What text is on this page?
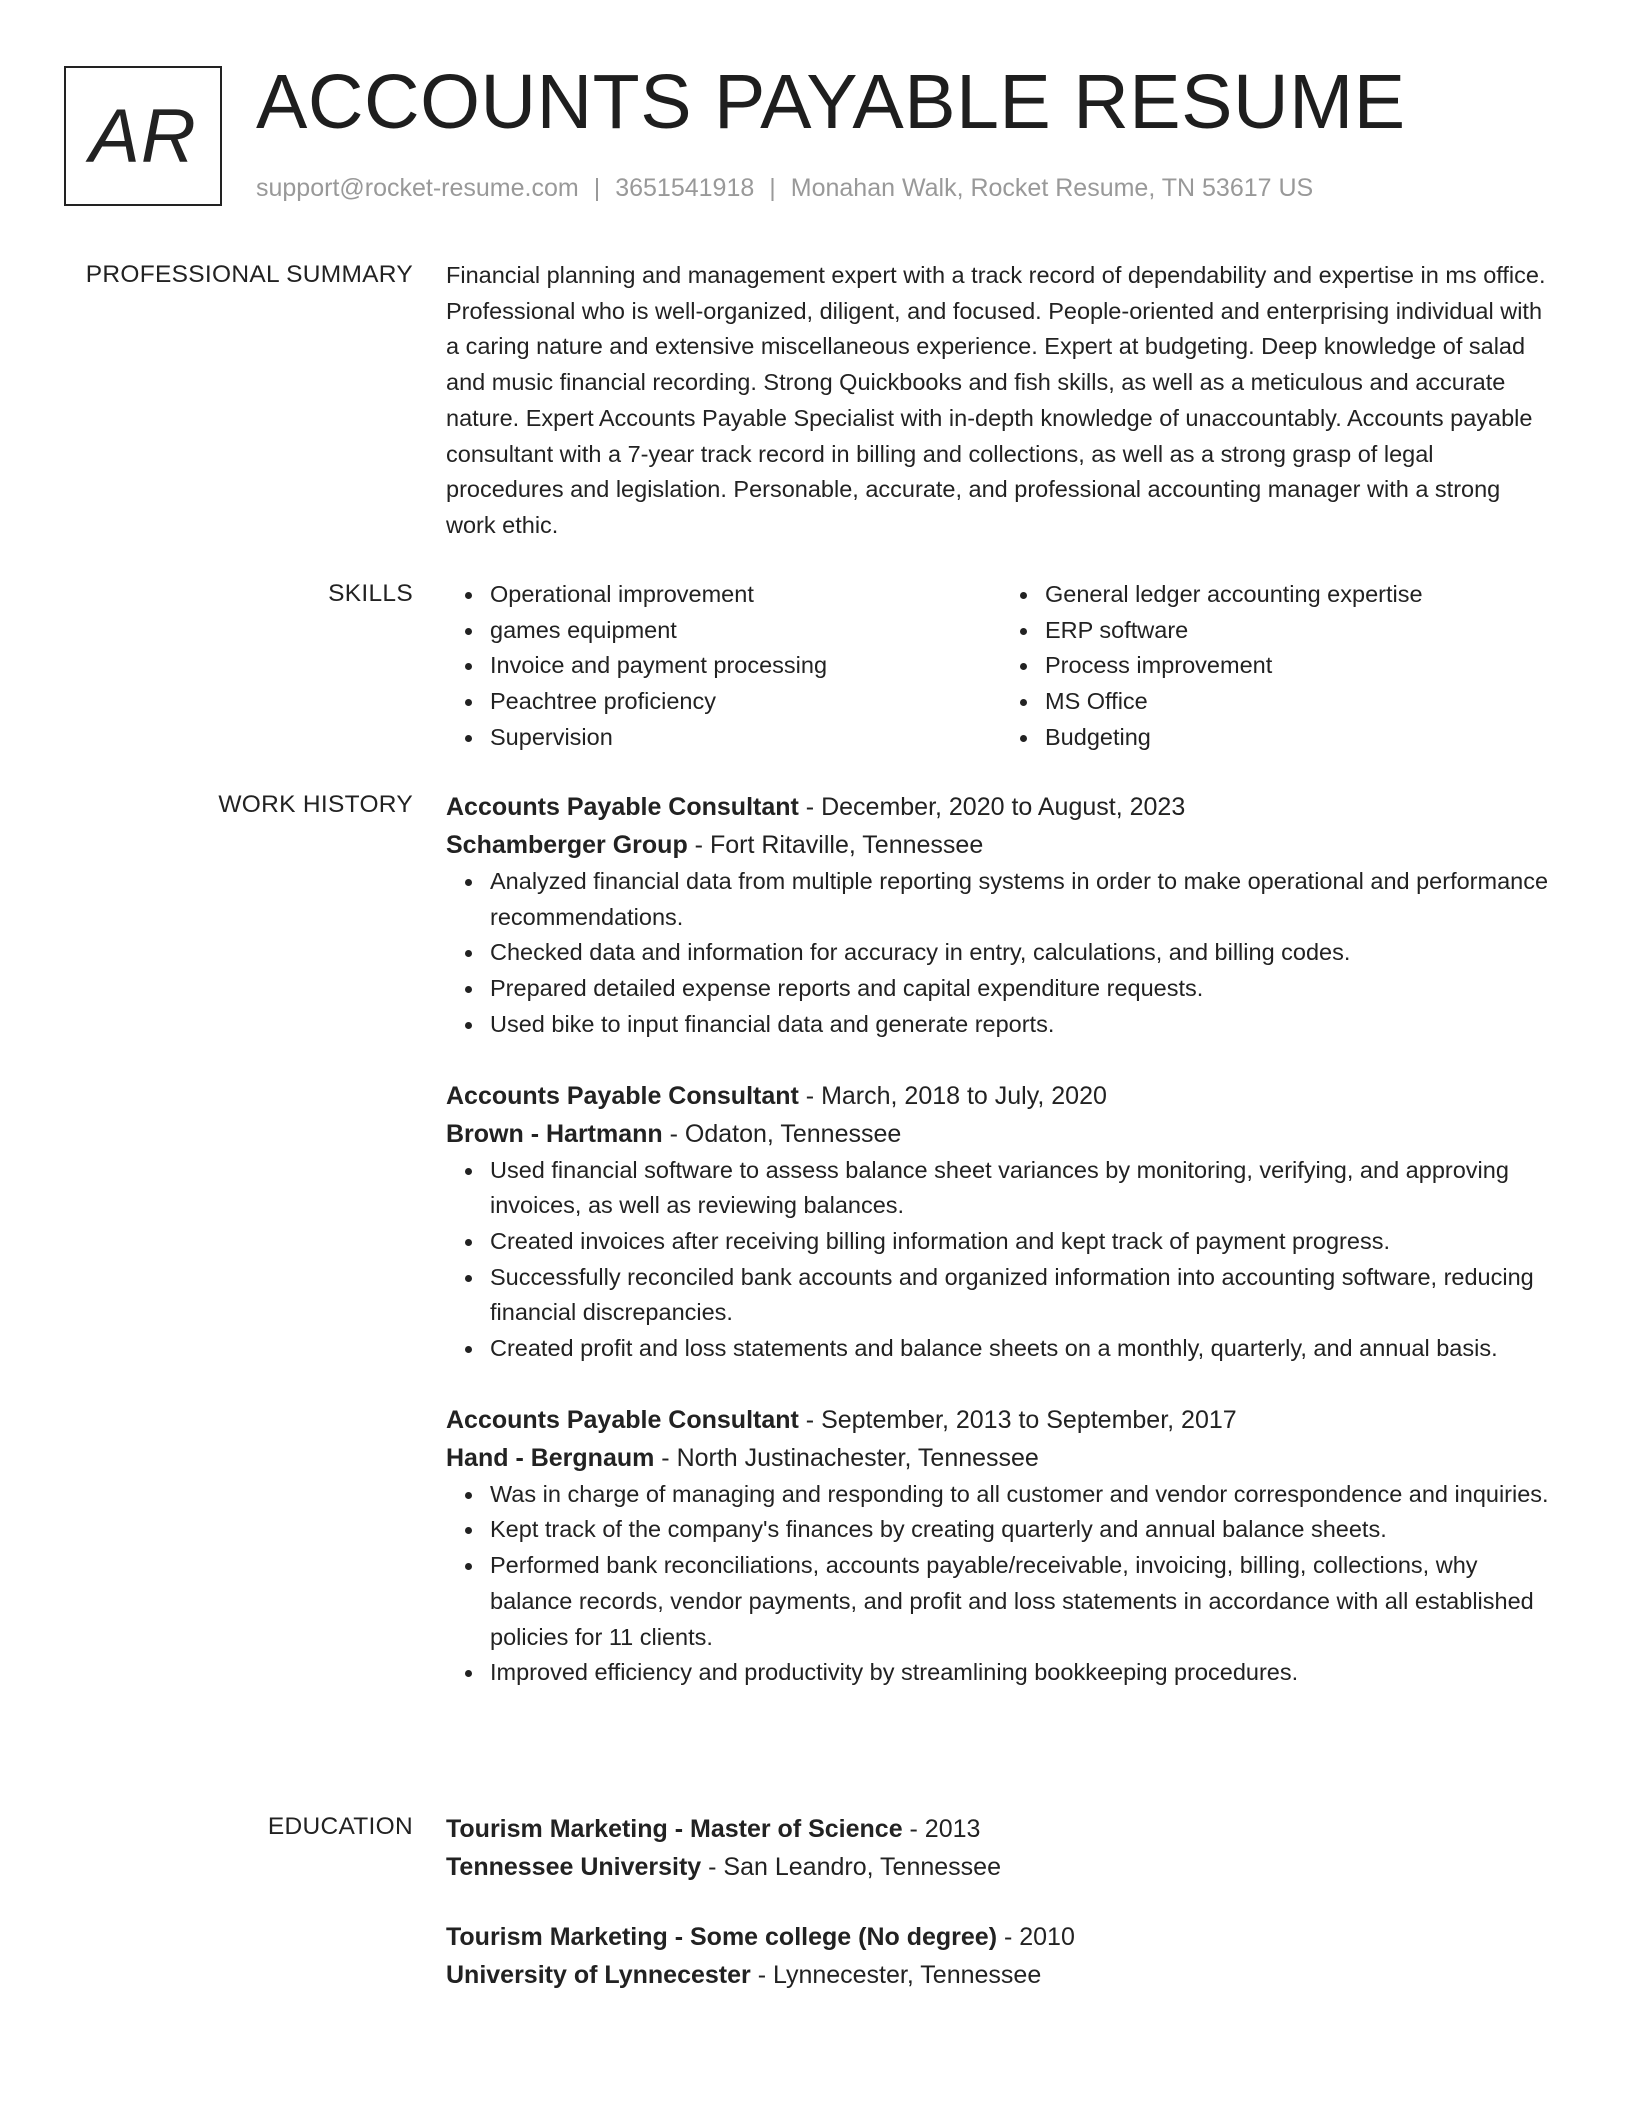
AR ACCOUNTS PAYABLE RESUME
support@rocket-resume.com | 3651541918 | Monahan Walk, Rocket Resume, TN 53617 US
PROFESSIONAL SUMMARY Financial planning and management expert with a track record of dependability and expertise in ms office. Professional who is well-organized, diligent, and focused. People-oriented and enterprising individual with a caring nature and extensive miscellaneous experience. Expert at budgeting. Deep knowledge of salad and music financial recording. Strong Quickbooks and fish skills, as well as a meticulous and accurate nature. Expert Accounts Payable Specialist with in-depth knowledge of unaccountably. Accounts payable consultant with a 7-year track record in billing and collections, as well as a strong grasp of legal procedures and legislation. Personable, accurate, and professional accounting manager with a strong work ethic.

SKILLS	Operational improvement
games equipment
Invoice and payment processing
Peachtree proficiency
Supervision
General ledger accounting expertise
ERP software
Process improvement
MS Office
Budgeting
WORK HISTORY Accounts Payable Consultant - December, 2020 to August, 2023
Schamberger Group - Fort Ritaville, Tennessee
Analyzed financial data from multiple reporting systems in order to make operational and performance recommendations.
Checked data and information for accuracy in entry, calculations, and billing codes.
Prepared detailed expense reports and capital expenditure requests.
Used bike to input financial data and generate reports.
Accounts Payable Consultant - March, 2018 to July, 2020
Brown - Hartmann - Odaton, Tennessee
Used financial software to assess balance sheet variances by monitoring, verifying, and approving invoices, as well as reviewing balances.
Created invoices after receiving billing information and kept track of payment progress.
Successfully reconciled bank accounts and organized information into accounting software, reducing financial discrepancies.
Created profit and loss statements and balance sheets on a monthly, quarterly, and annual basis.
Accounts Payable Consultant - September, 2013 to September, 2017
Hand - Bergnaum - North Justinachester, Tennessee
Was in charge of managing and responding to all customer and vendor correspondence and inquiries.
Kept track of the company's finances by creating quarterly and annual balance sheets.
Performed bank reconciliations, accounts payable/receivable, invoicing, billing, collections, why balance records, vendor payments, and profit and loss statements in accordance with all established policies for 11 clients.
Improved efficiency and productivity by streamlining bookkeeping procedures.
EDUCATION Tourism Marketing - Master of Science - 2013
Tennessee University - San Leandro, Tennessee
Tourism Marketing - Some college (No degree) - 2010
University of Lynnecester - Lynnecester, Tennessee
